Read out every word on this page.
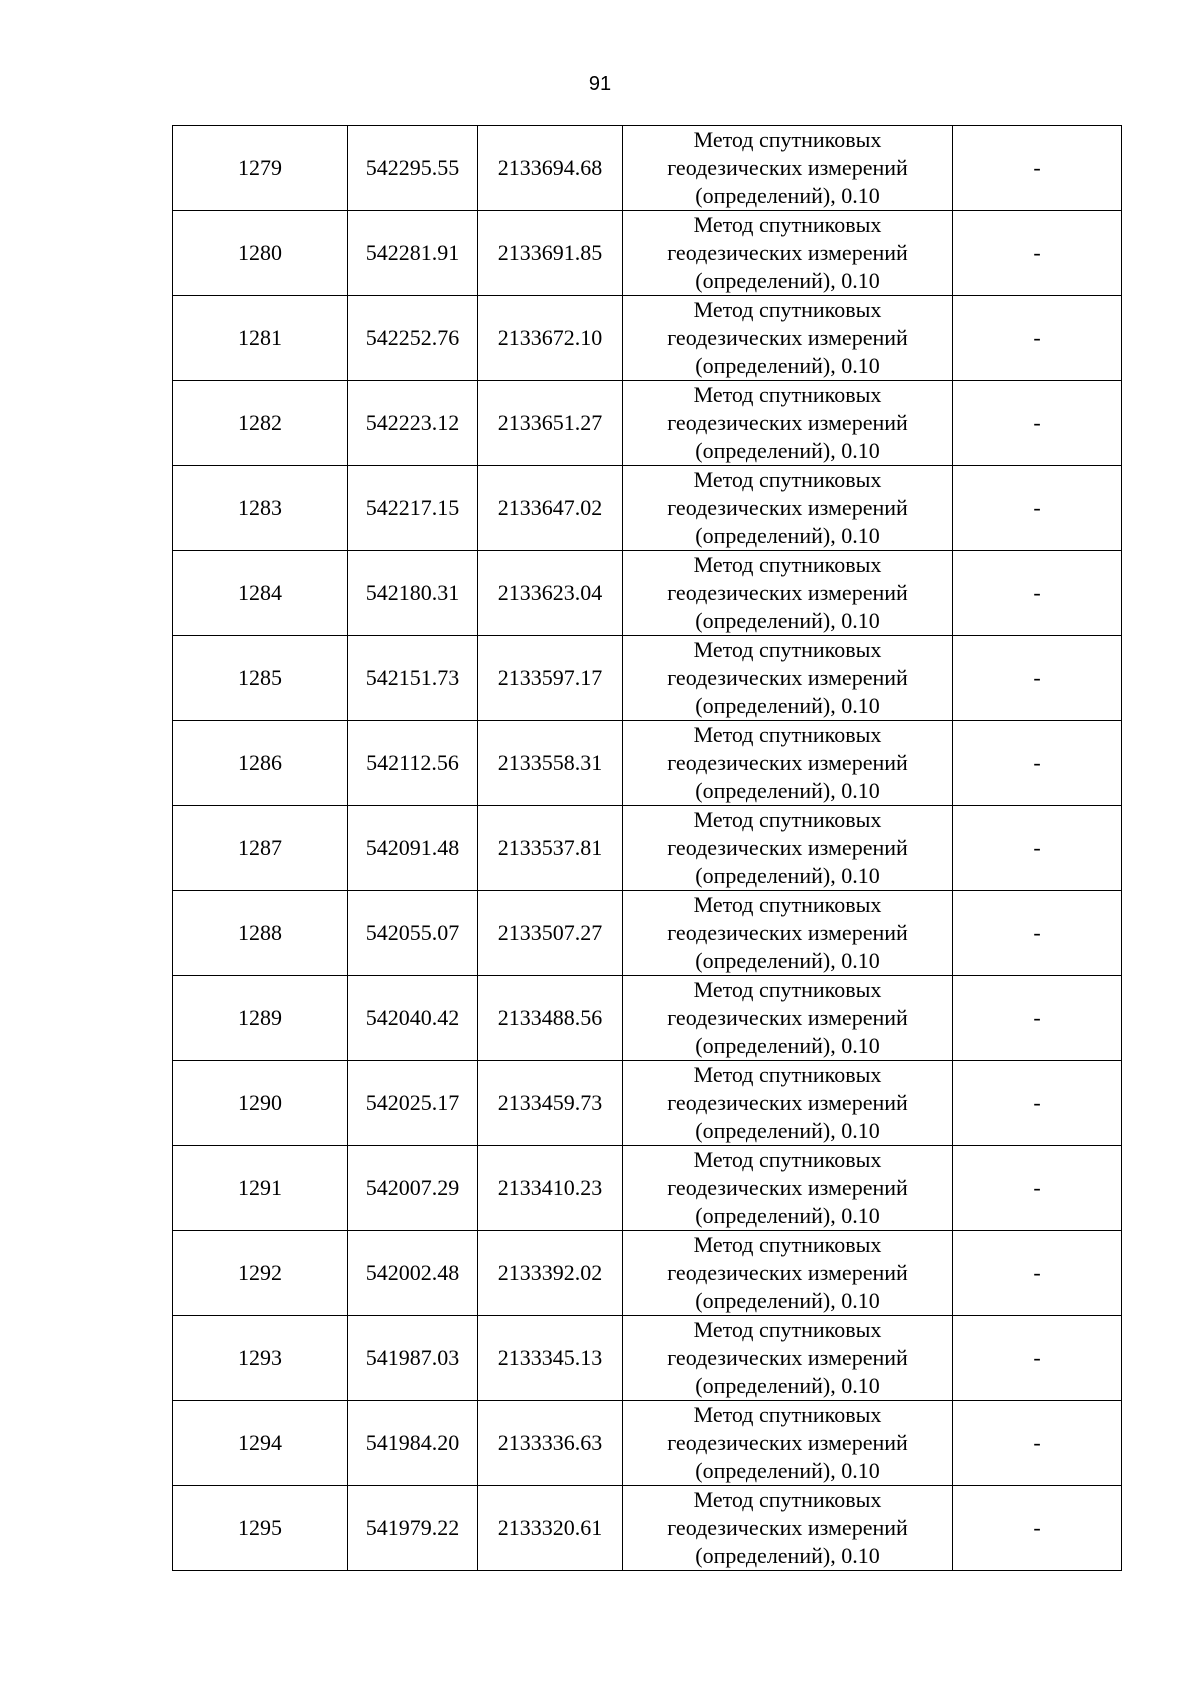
91
1279	542295.55	2133694.68	Метод спутниковых
геодезических измерений
(определений), 0.10	-
1280	542281.91	2133691.85	Метод спутниковых
геодезических измерений
(определений), 0.10	-
1281	542252.76	2133672.10	Метод спутниковых
геодезических измерений
(определений), 0.10	-
1282	542223.12	2133651.27	Метод спутниковых
геодезических измерений
(определений), 0.10	-
1283	542217.15	2133647.02	Метод спутниковых
геодезических измерений
(определений), 0.10	-
1284	542180.31	2133623.04	Метод спутниковых
геодезических измерений
(определений), 0.10	-
1285	542151.73	2133597.17	Метод спутниковых
геодезических измерений
(определений), 0.10	-
1286	542112.56	2133558.31	Метод спутниковых
геодезических измерений
(определений), 0.10	-
1287	542091.48	2133537.81	Метод спутниковых
геодезических измерений
(определений), 0.10	-
1288	542055.07	2133507.27	Метод спутниковых
геодезических измерений
(определений), 0.10	-
1289	542040.42	2133488.56	Метод спутниковых
геодезических измерений
(определений), 0.10	-
1290	542025.17	2133459.73	Метод спутниковых
геодезических измерений
(определений), 0.10	-
1291	542007.29	2133410.23	Метод спутниковых
геодезических измерений
(определений), 0.10	-
1292	542002.48	2133392.02	Метод спутниковых
геодезических измерений
(определений), 0.10	-
1293	541987.03	2133345.13	Метод спутниковых
геодезических измерений
(определений), 0.10	-
1294	541984.20	2133336.63	Метод спутниковых
геодезических измерений
(определений), 0.10	-
1295	541979.22	2133320.61	Метод спутниковых
геодезических измерений
(определений), 0.10	-
